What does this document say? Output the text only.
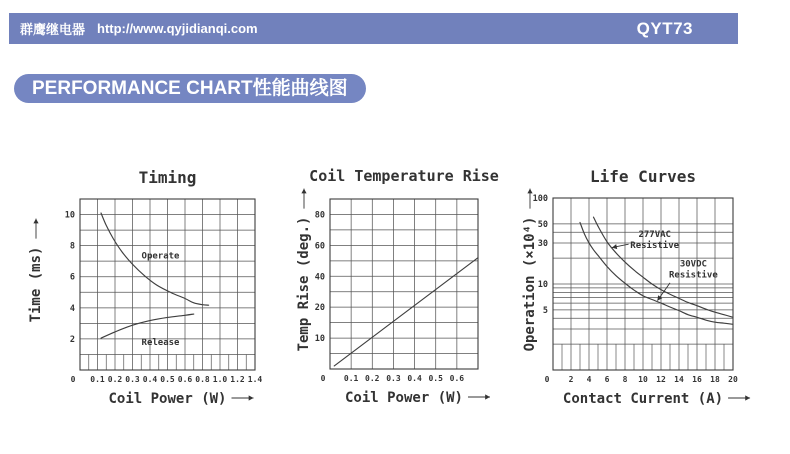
群鹰继电器 http://www.qyjidianqi.com	QYT73
PERFORMANCE CHART性能曲线图
0 0.1 0.2 0.3 0.4 0.5 0.6 0.8 1.0 1.2 1.4
2
4
6
8
10
Operate
Release
Timing
Coil Power (W)
Time (ms)
0 0.1 0.2 0.3 0.4 0.5 0.6
10
20
40
60
80
Coil Temperature Rise
Coil Power (W)
Temp Rise (deg.)
0 2 4 6 8 10 12 14 16 18 20
100
50
30
10
5
277VAC
Resistive
30VDC
Resistive
Life Curves
Contact Current (A)
Operation (×10⁴)
